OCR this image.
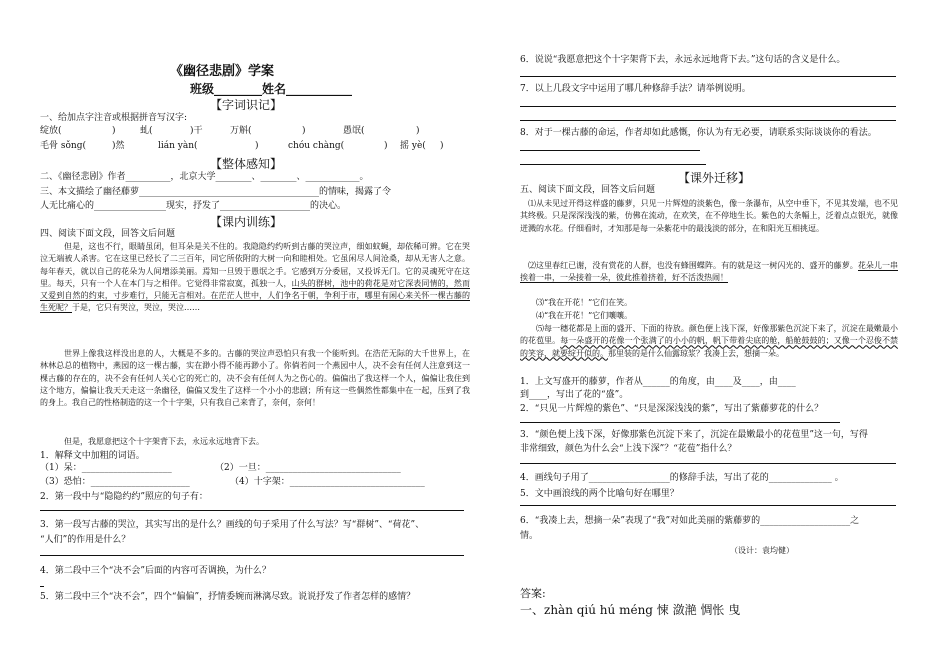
《幽径悲剧》学案
班级________姓名___________
【字词识记】
一、给加点字注音或根据拼音写汉字:
绽放(	)	虬(	)干	万斛(	)	愚氓(	)
毛骨 sǒng(	)然	lián yàn(	)	chóu chàng(	) 摇 yè( )
【整体感知】
二、《幽径悲剧》作者__________，北京大学________、________、____________。
三、本文描绘了幽径藤萝________________________________________的情味，揭露了令
人无比痛心的________________现实，抒发了____________________的决心。
【课内训练】
四、阅读下面文段，回答文后问题
但是，这也不行，眼睛虽闭，但耳朵是关不住的。我隐隐约约听到古藤的哭泣声，细如蚊蝇，却依稀可辨。它在哭泣无端被人杀害。它在这里已经长了二三百年，同它所依附的大树一向和睦相处。它虽闲尽人间沧桑，却从无害人之意。每年春天，就以自己的花朵为人间增添美丽。焉知一旦毁于愚氓之手。它感到万分委屈，又投诉无门。它的灵魂死守在这里。每天，只有一个人在本门与之相伴。它觉得非常寂寞，孤独一人，山头的群树，池中的荷花是对它深表同情的，然而又爱到自然的约束，寸步难行，只能无言相对。在茫茫人世中，人们争名于朝，争利于市，哪里有闲心来关怀一棵古藤的生死呢？于是，它只有哭泣，哭泣，哭泣……
世界上像我这样没出息的人，大概是不多的。古藤的哭泣声恐怕只有我一个能听到。在浩茫无际的大千世界上，在林林总总的植物中，燕园的这一棵古藤，实在渺小得不能再渺小了。你倘若问一个燕园中人，决不会有任何人注意到这一棵古藤的存在的，决不会有任何人关心它的死亡的，决不会有任何人为之伤心的。偏偏出了我这样一个人，偏偏让我住到这个地方，偏偏让我天天走这一条幽径，偏偏又发生了这样一个小小的悲剧；所有这一些偶然性都集中在一起，压到了我的身上。我自己的性格制造的这一个十字架，只有我自己来背了，奈何，奈何！
但是，我愿意把这个十字架背下去，永远永远地背下去。
1．解释文中加粗的词语。
（1）呆：____________________	（2）一旦：______________________________
（3）恐怕：______________________	（4）十字架：______________________________
2．第一段中与“隐隐约约”照应的句子有：
3．第一段写古藤的哭泣，其实写出的是什么？画线的句子采用了什么写法？写“群树”、“荷花”、
“人们”的作用是什么？
4．第二段中三个“决不会”后面的内容可否调换，为什么？
5．第二段中三个“决不会”，四个“偏偏”，抒情委婉而淋漓尽致。说说抒发了作者怎样的感情？
6．说说“我愿意把这个十字架背下去，永远永远地背下去。”这句话的含义是什么。
7．以上几段文字中运用了哪几种修辞手法？请举例说明。
8．对于一棵古藤的命运，作者却如此感慨，你认为有无必要，请联系实际谈谈你的看法。
【课外迁移】
五、阅读下面文段，回答文后问题
⑴从未见过开得这样盛的藤萝，只见一片辉煌的淡紫色，像一条瀑布，从空中垂下，不见其发端，也不见其终极。只是深深浅浅的紫，仿佛在流动，在欢笑，在不停地生长。紫色的大条幅上，泛着点点银光，就像迸溅的水花。仔细看时，才知那是每一朵紫花中的最浅淡的部分，在和阳光互相挑逗。
⑵这里春红已谢，没有赏花的人群，也没有蜂围蝶阵。有的就是这一树闪光的、盛开的藤萝。花朵儿一串挨着一串，一朵接着一朵，彼此推着挤着，好不活泼热闹！
⑶“我在开花！”它们在笑。
⑷“我在开花！”它们嚷嚷。
⑸每一穗花都是上面的盛开、下面的待放。颜色便上浅下深，好像那紫色沉淀下来了，沉淀在最嫩最小的花苞里。每一朵盛开的花像一个张满了的小小的帆，帆下带着尖底的舱，船舱鼓鼓的；又像一个忍俊不禁的笑容，就要绽开似的。那里装的是什么仙露琼浆？我凑上去，想摘一朵。
1．上文写盛开的藤萝，作者从______的角度，由____及____，由____
到____，写出了花的“盛”。
2．“只见一片辉煌的紫色”、“只是深深浅浅的紫”，写出了紫藤萝花的什么？
3．“颜色便上浅下深，好像那紫色沉淀下来了，沉淀在最嫩最小的花苞里”这一句，写得
非常细致，颜色为什么会“上浅下深”？“花苞”指什么？
4．画线句子用了__________________的修辞手法，写出了花的______________ 。
5．文中画浪线的两个比喻句好在哪里？
6．“我凑上去，想摘一朵”表现了“我”对如此美丽的紫藤萝的____________________之
情。
（设计：袁均健）
答案:
一、zhàn qiú hú méng 悚 潋滟 惆怅 曳
